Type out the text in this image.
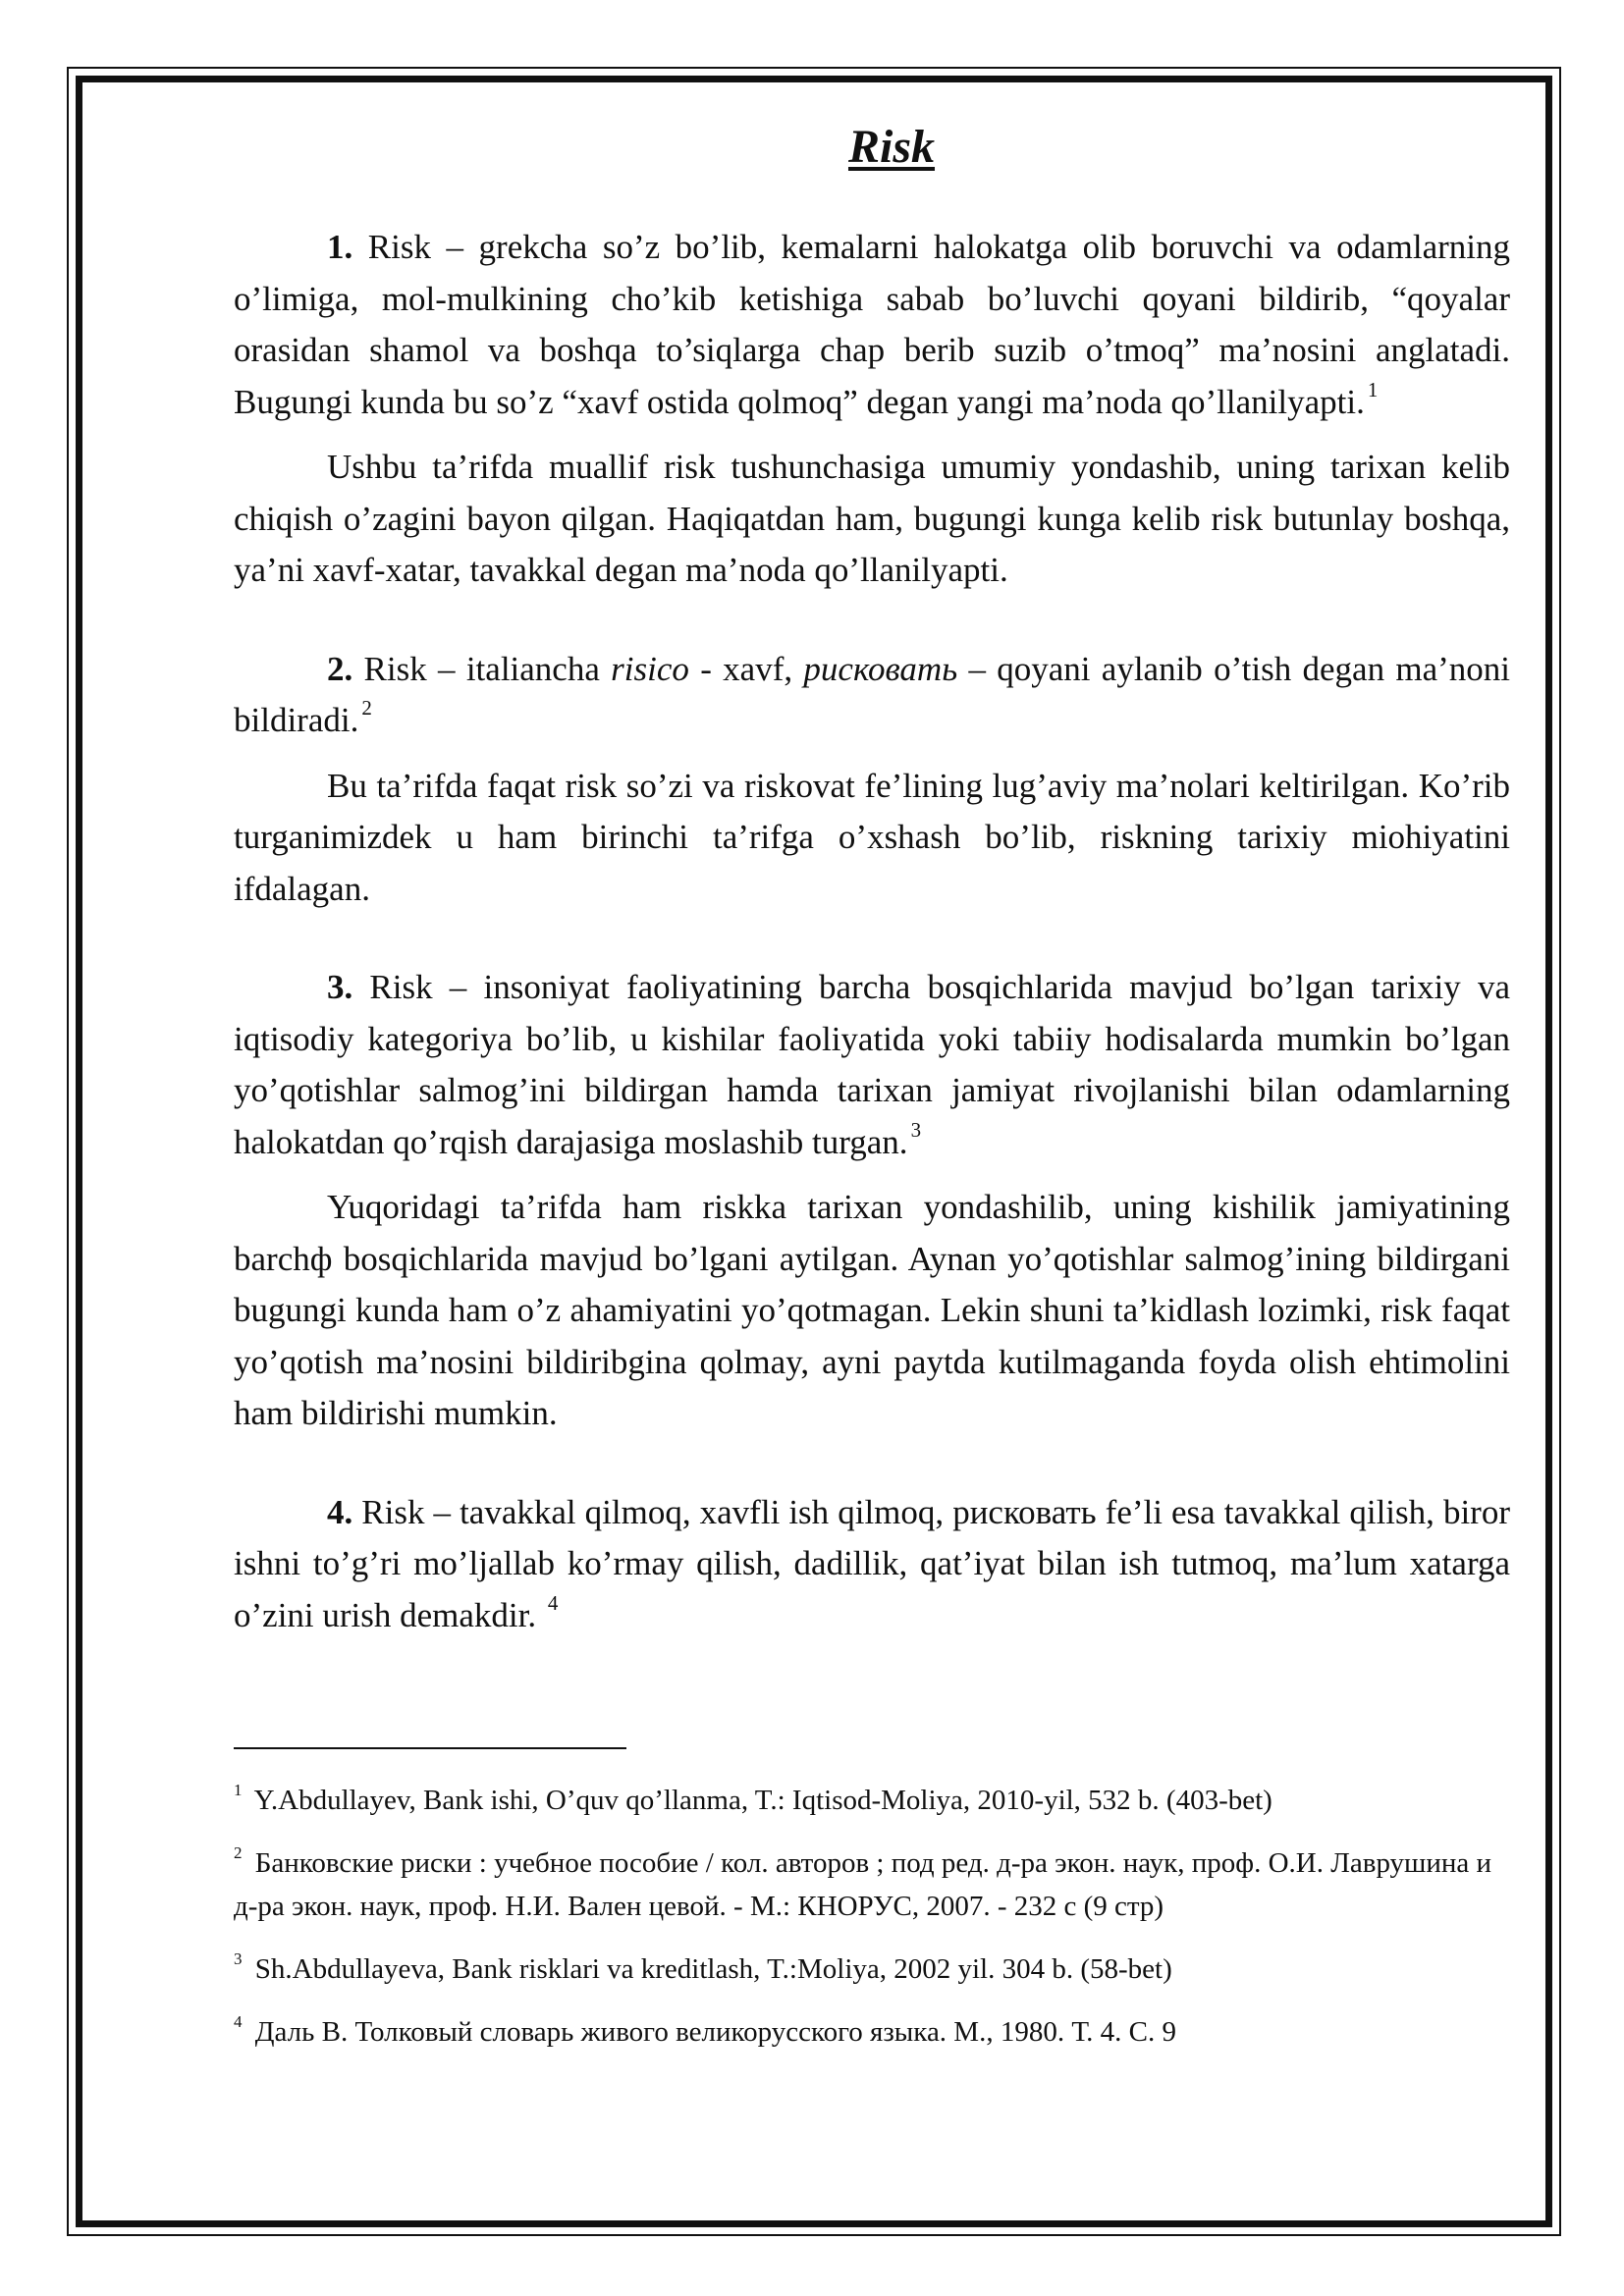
Risk

1. Risk – grekcha so’z bo’lib, kemalarni halokatga olib boruvchi va odamlarning o’limiga, mol-mulkining cho’kib ketishiga sabab bo’luvchi qoyani bildirib, “qoyalar orasidan shamol va boshqa to’siqlarga chap berib suzib o’tmoq” ma’nosini anglatadi. Bugungi kunda bu so’z “xavf ostida qolmoq” degan yangi ma’noda qo’llanilyapti. $^1$

Ushbu ta’rifda muallif risk tushunchasiga umumiy yondashib, uning tarixan kelib chiqish o’zagini bayon qilgan. Haqiqatdan ham, bugungi kunga kelib risk butunlay boshqa, ya’ni xavf-xatar, tavakkal degan ma’noda qo’llanilyapti.

2. Risk – italiancha risico - xavf, рисковать – qoyani aylanib o’tish degan ma’noni bildiradi. $^2$

Bu ta’rifda faqat risk so’zi va riskovat fe’lining lug’aviy ma’nolari keltirilgan. Ko’rib turganimizdek u ham birinchi ta’rifga o’xshash bo’lib, riskning tarixiy miohiyatini ifdalagan.

3. Risk – insoniyat faoliyatining barcha bosqichlarida mavjud bo’lgan tarixiy va iqtisodiy kategoriya bo’lib, u kishilar faoliyatida yoki tabiiy hodisalarda mumkin bo’lgan yo’qotishlar salmog’ini bildirgan hamda tarixan jamiyat rivojlanishi bilan odamlarning halokatdan qo’rqish darajasiga moslashib turgan. $^3$

Yuqoridagi ta’rifda ham riskka tarixan yondashilib, uning kishilik jamiyatining barchф bosqichlarida mavjud bo’lgani aytilgan. Aynan yo’qotishlar salmog’ining bildirgani bugungi kunda ham o’z ahamiyatini yo’qotmagan. Lekin shuni ta’kidlash lozimki, risk faqat yo’qotish ma’nosini bildiribgina qolmay, ayni paytda kutilmaganda foyda olish ehtimolini ham bildirishi mumkin.

4. Risk – tavakkal qilmoq, xavfli ish qilmoq, рисковать fe’li esa tavakkal qilish, biror ishni to’g’ri mo’ljallab ko’rmay qilish, dadillik, qat’iyat bilan ish tutmoq, ma’lum xatarga o’zini urish demakdir. $^4$

$^1$ Y.Abdullayev, Bank ishi, O’quv qo’llanma, T.: Iqtisod-Moliya, 2010-yil, 532 b. (403-bet)

$^2$ Банковские риски : учебное пособие / кол. авторов ; под ред. д-ра экон. наук, проф. О.И. Лаврушина и д-ра экон. наук, проф. Н.И. Вален цевой. - М.: КНОРУС, 2007. - 232 с (9 стр)

$^3$ Sh.Abdullayeva, Bank risklari va kreditlash, T.:Moliya, 2002 yil. 304 b. (58-bet)

$^4$ Даль В. Толковый словарь живого великорусского языка. М., 1980. Т. 4. С. 9
